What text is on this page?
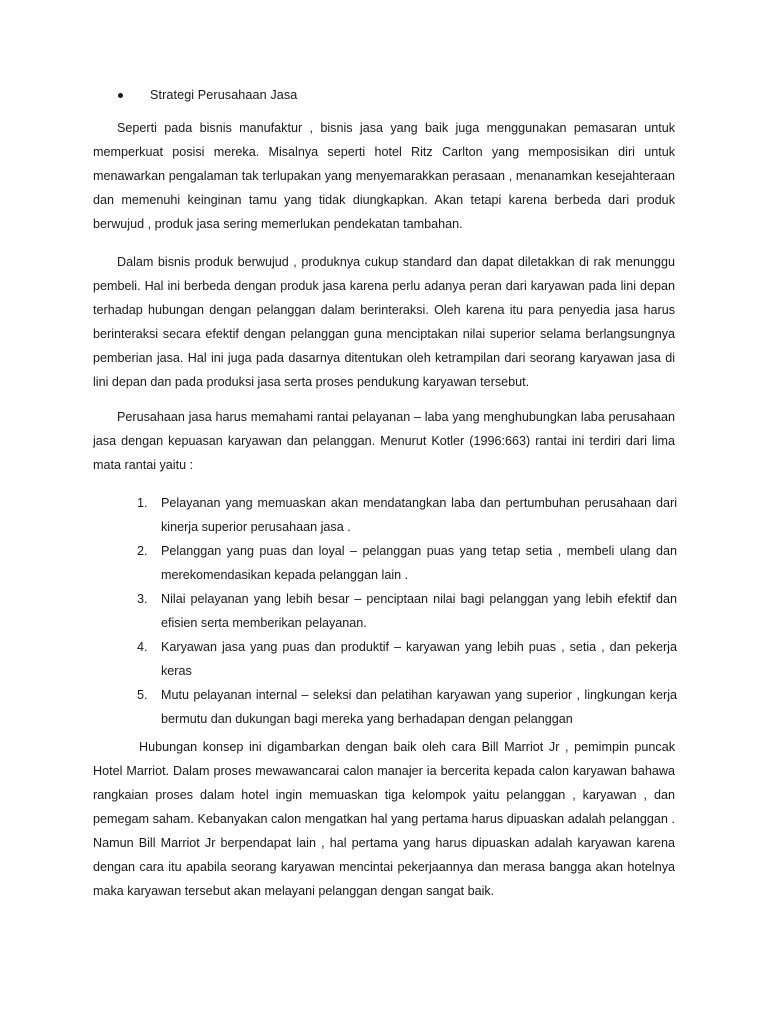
Strategi Perusahaan Jasa

Seperti pada bisnis manufaktur , bisnis jasa yang baik juga menggunakan pemasaran untuk memperkuat posisi mereka. Misalnya seperti hotel Ritz Carlton yang memposisikan diri untuk menawarkan pengalaman tak terlupakan yang menyemarakkan perasaan , menanamkan kesejahteraan dan memenuhi keinginan tamu yang tidak diungkapkan. Akan tetapi karena berbeda dari produk berwujud , produk jasa sering memerlukan pendekatan tambahan.

Dalam bisnis produk berwujud , produknya cukup standard dan dapat diletakkan di rak menunggu pembeli. Hal ini berbeda dengan produk jasa karena perlu adanya peran dari karyawan pada lini depan terhadap hubungan dengan pelanggan dalam berinteraksi. Oleh karena itu para penyedia jasa harus berinteraksi secara efektif dengan pelanggan guna menciptakan nilai superior selama berlangsungnya pemberian jasa. Hal ini juga pada dasarnya ditentukan oleh ketrampilan dari seorang karyawan jasa di lini depan dan pada produksi jasa serta proses pendukung karyawan tersebut.

Perusahaan jasa harus memahami rantai pelayanan – laba yang menghubungkan laba perusahaan jasa dengan kepuasan karyawan dan pelanggan. Menurut Kotler (1996:663) rantai ini terdiri dari lima mata rantai yaitu :

1.	Pelayanan yang memuaskan akan mendatangkan laba dan pertumbuhan perusahaan dari kinerja superior perusahaan jasa .
2.	Pelanggan yang puas dan loyal – pelanggan puas yang tetap setia , membeli ulang dan merekomendasikan kepada pelanggan lain .
3.	Nilai pelayanan yang lebih besar – penciptaan nilai bagi pelanggan yang lebih efektif dan efisien serta memberikan pelayanan.
4.	Karyawan jasa yang puas dan produktif – karyawan yang lebih puas , setia , dan pekerja keras
5.	Mutu pelayanan internal – seleksi dan pelatihan karyawan yang superior , lingkungan kerja bermutu dan dukungan bagi mereka yang berhadapan dengan pelanggan

Hubungan konsep ini digambarkan dengan baik oleh cara Bill Marriot Jr , pemimpin puncak Hotel Marriot. Dalam proses mewawancarai calon manajer ia bercerita kepada calon karyawan bahawa rangkaian proses dalam hotel ingin memuaskan tiga kelompok yaitu pelanggan , karyawan , dan pemegam saham. Kebanyakan calon mengatkan hal yang pertama harus dipuaskan adalah pelanggan . Namun Bill Marriot Jr berpendapat lain , hal pertama yang harus dipuaskan adalah karyawan karena dengan cara itu apabila seorang karyawan mencintai pekerjaannya dan merasa bangga akan hotelnya maka karyawan tersebut akan melayani pelanggan dengan sangat baik.
